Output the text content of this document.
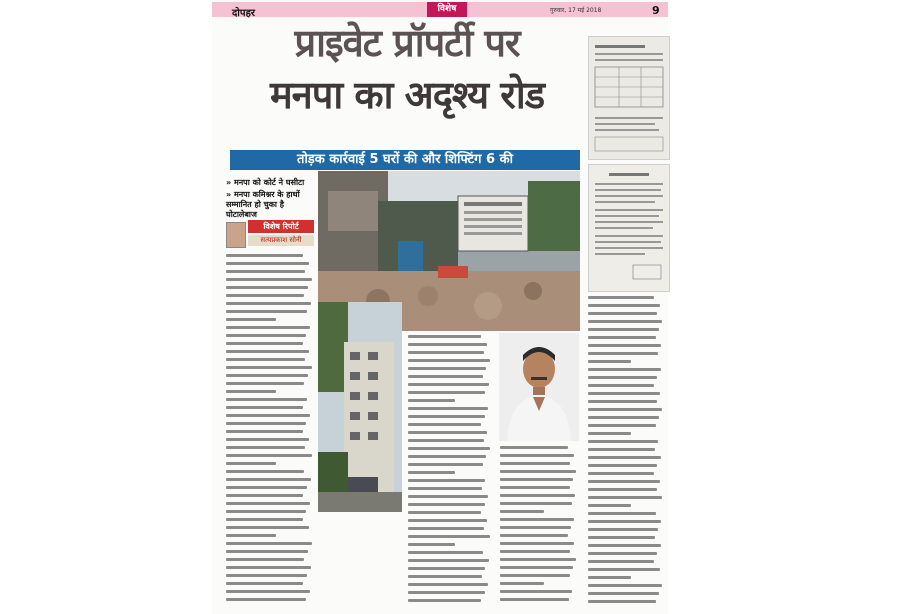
दोपहर	विशेष	गुरुवार, 17 मई 2018	9
प्राइवेट प्रॉपर्टी पर
मनपा का अदृश्य रोड
तोड़क कार्रवाई 5 घरों की और शिफ्टिंग 6 की
» मनपा को कोर्ट ने घसीटा
» मनपा कमिश्नर के हाथों सम्मानित हो चुका है घोटालेबाज
विशेष रिपोर्ट
सत्यप्रकाश सोनी
